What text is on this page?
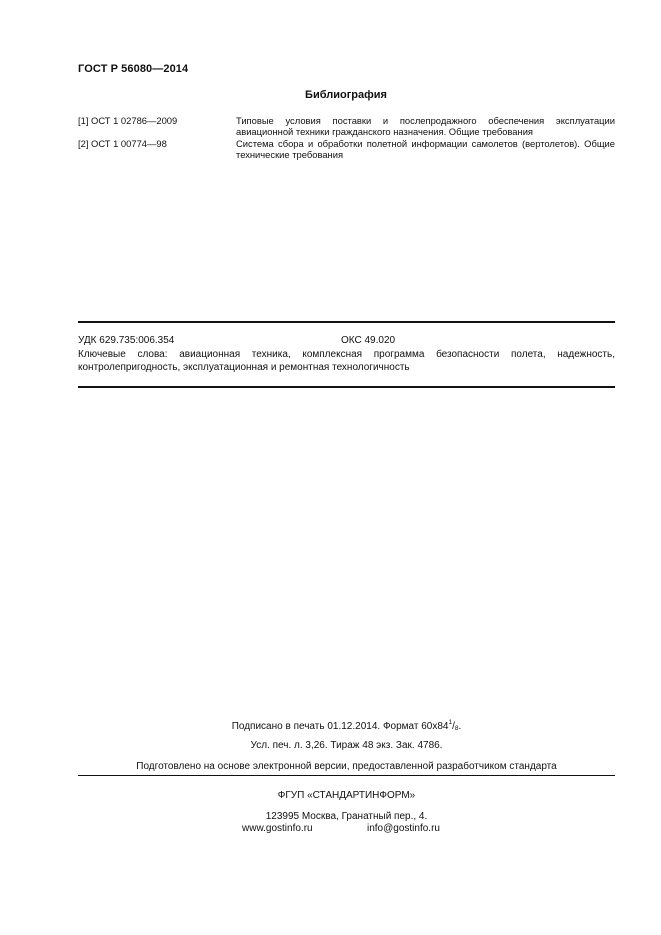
ГОСТ Р 56080—2014
Библиография
[1] ОСТ 1 02786—2009	Типовые условия поставки и послепродажного обеспечения эксплуатации авиационной техники гражданского назначения. Общие требования
[2] ОСТ 1 00774—98	Система сбора и обработки полетной информации самолетов (вертолетов). Общие технические требования
УДК 629.735:006.354	ОКС 49.020
Ключевые слова: авиационная техника, комплексная программа безопасности полета, надежность, контролепригодность, эксплуатационная и ремонтная технологичность
Подписано в печать 01.12.2014. Формат $60х84^1/_8$.
Усл. печ. л. 3,26. Тираж 48 экз. Зак. 4786.
Подготовлено на основе электронной версии, предоставленной разработчиком стандарта
ФГУП «СТАНДАРТИНФОРМ»
123995 Москва, Гранатный пер., 4.
www.gostinfo.ru	info@gostinfo.ru
